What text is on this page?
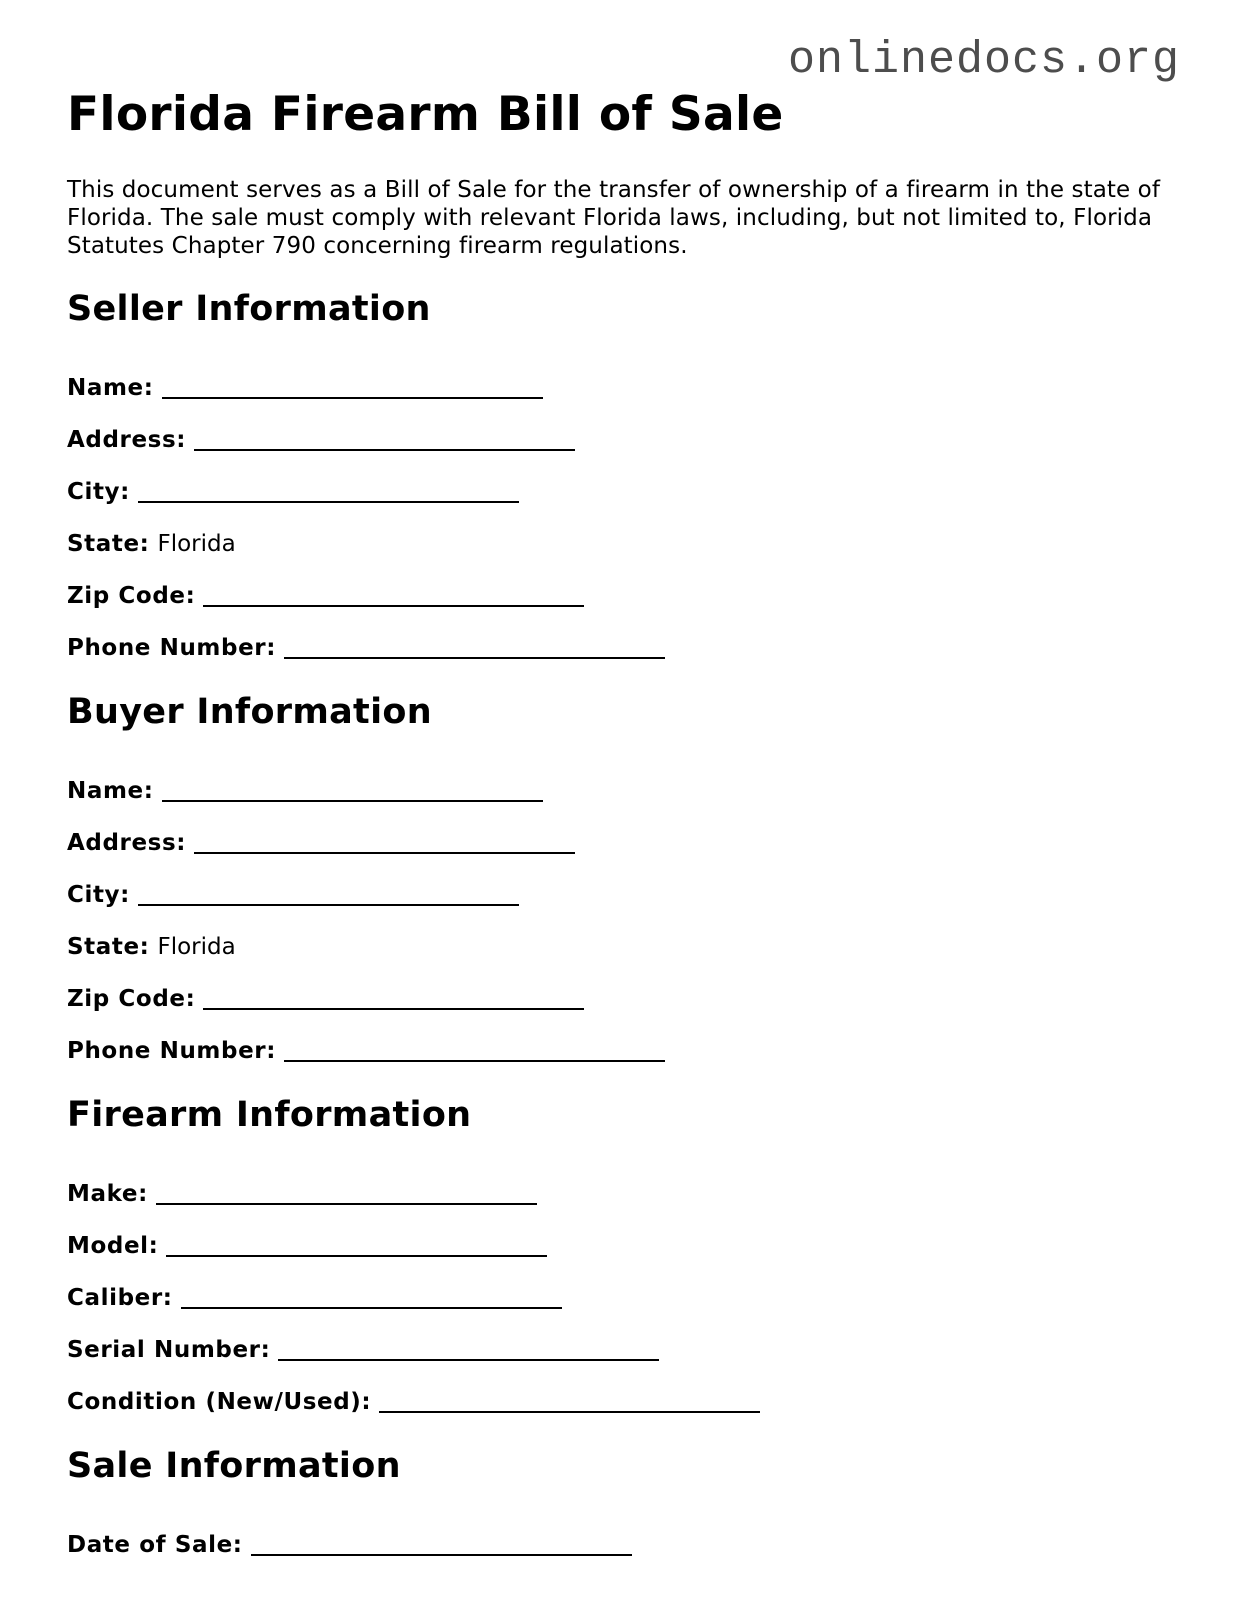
onlinedocs.org
Florida Firearm Bill of Sale

This document serves as a Bill of Sale for the transfer of ownership of a firearm in the state of Florida. The sale must comply with relevant Florida laws, including, but not limited to, Florida Statutes Chapter 790 concerning firearm regulations.

Seller Information
Name:
Address:
City:
State: Florida
Zip Code:
Phone Number:
Buyer Information
Name:
Address:
City:
State: Florida
Zip Code:
Phone Number:
Firearm Information
Make:
Model:
Caliber:
Serial Number:
Condition (New/Used):
Sale Information
Date of Sale:
